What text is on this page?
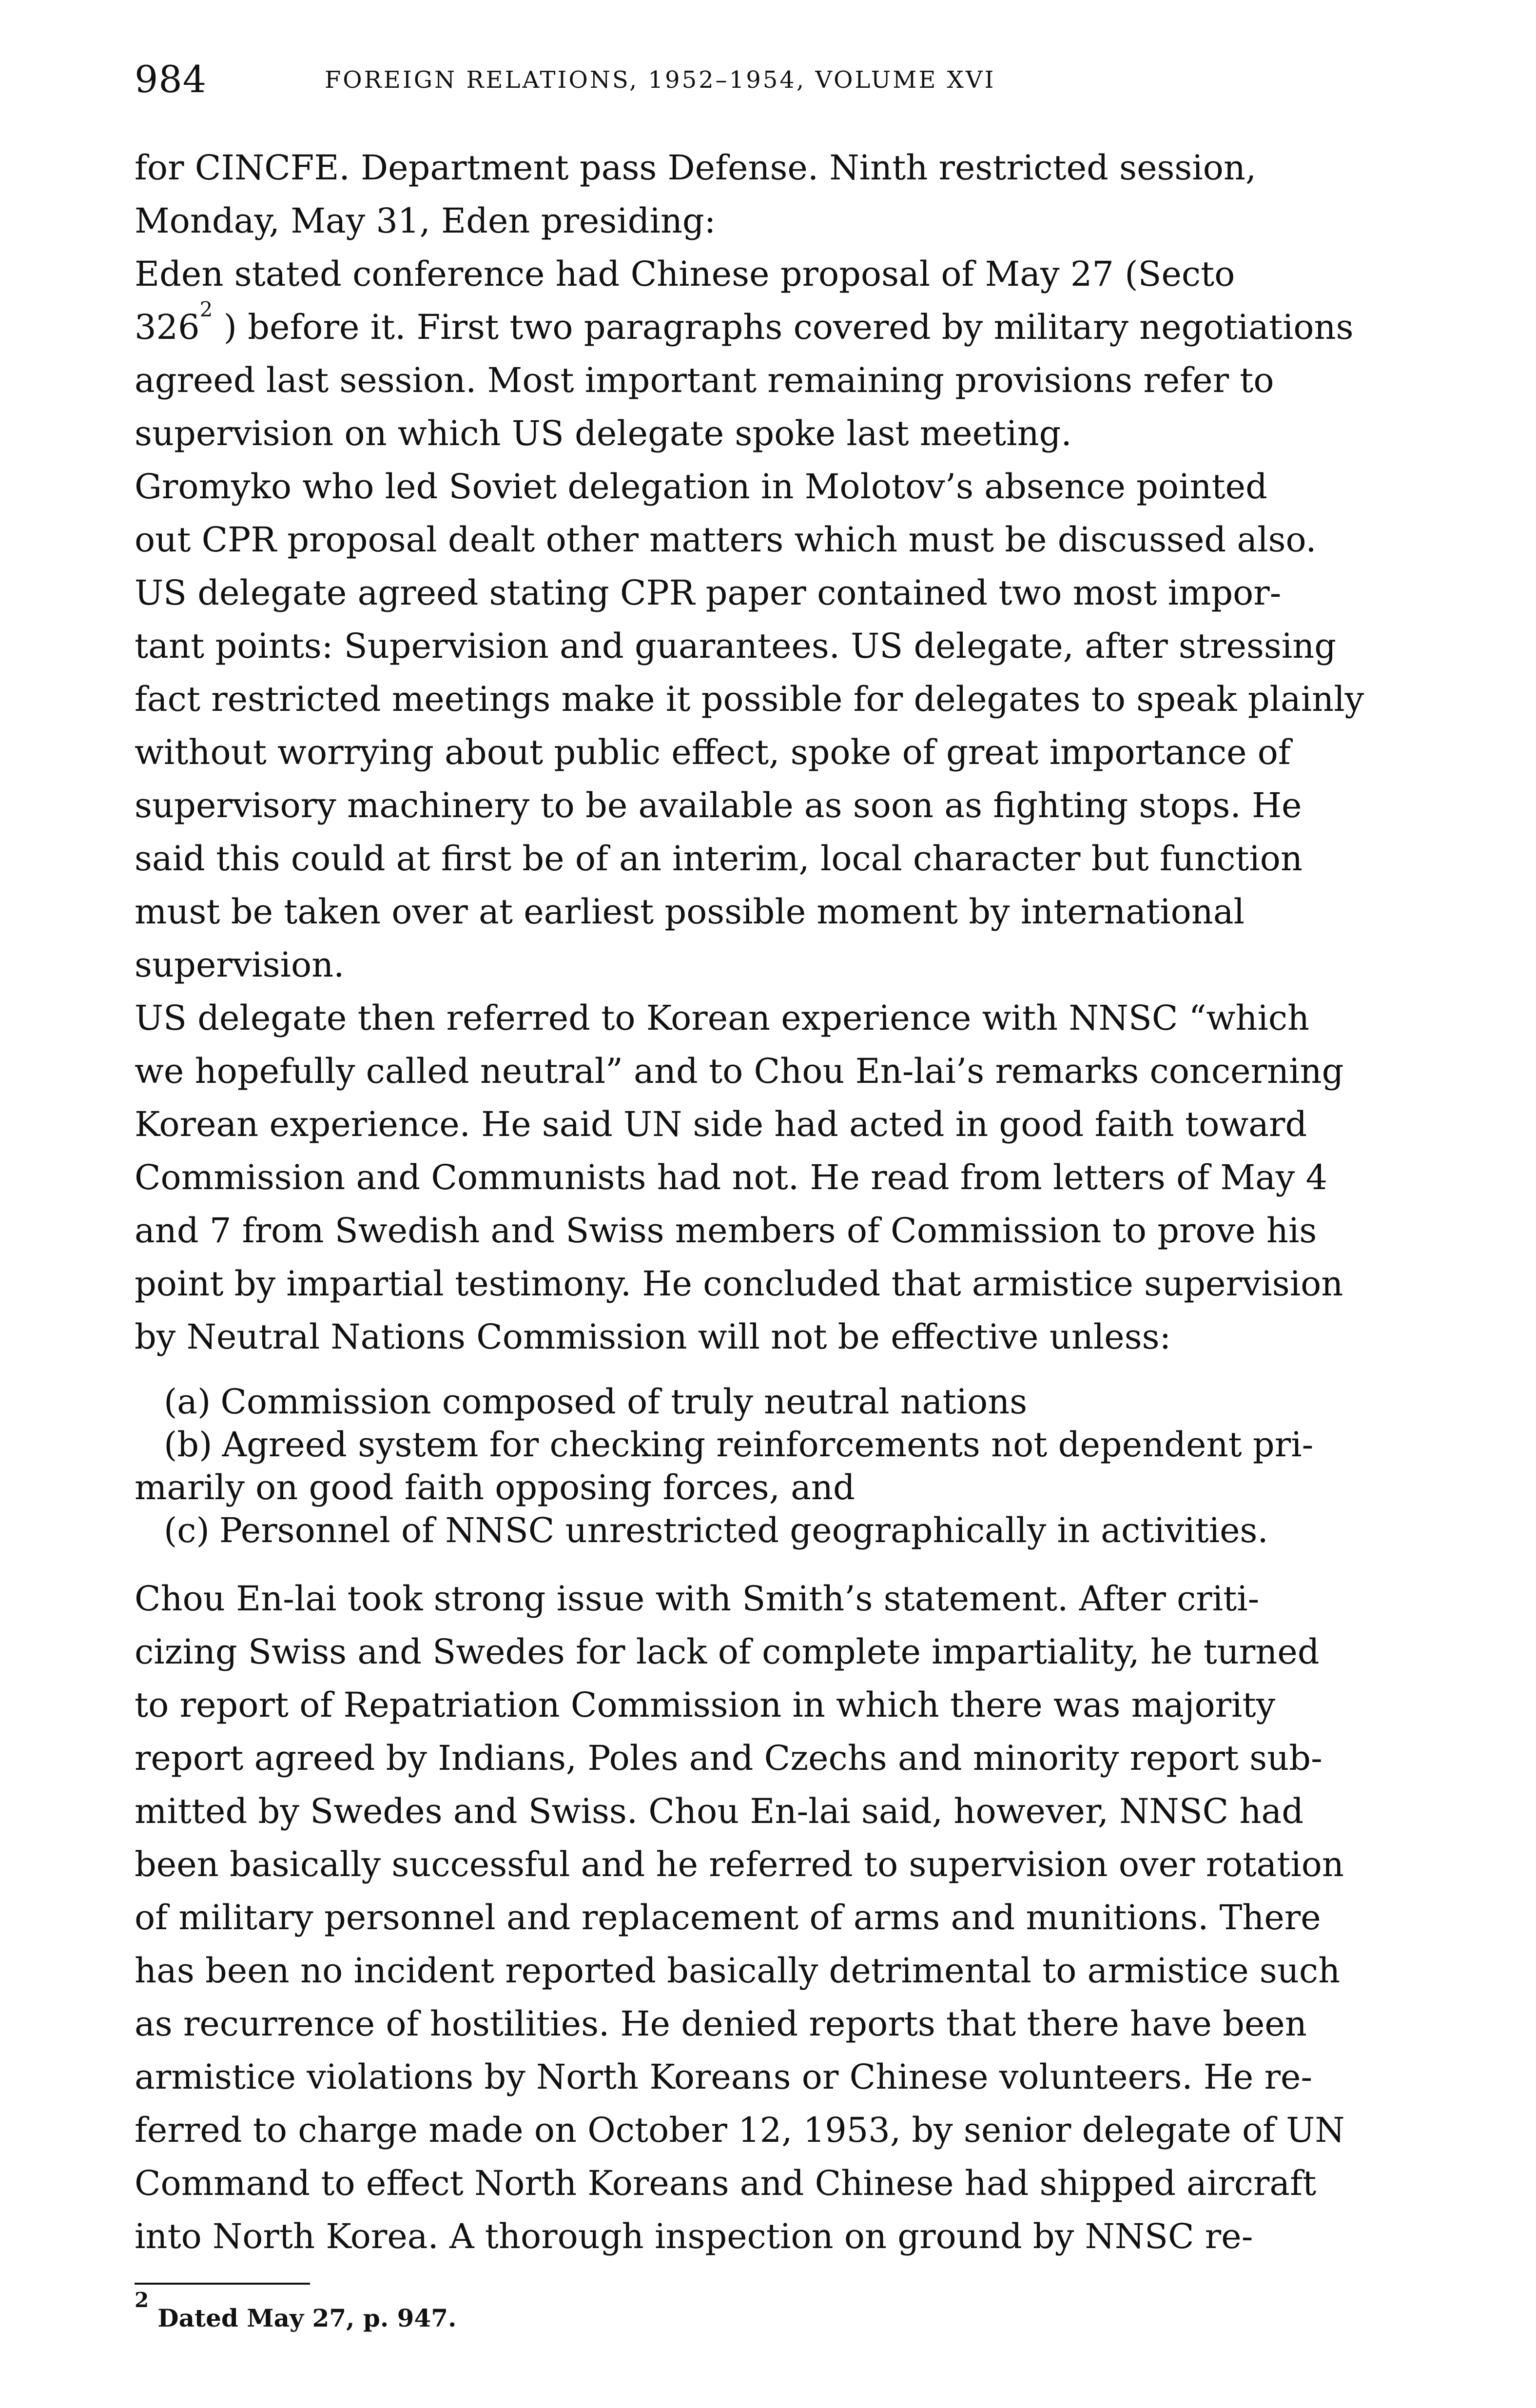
984	FOREIGN RELATIONS, 1952–1954, VOLUME XVI

for CINCFE. Department pass Defense. Ninth restricted session,
Monday, May 31, Eden presiding:

Eden stated conference had Chinese proposal of May 27 (Secto
$326^2$ ) before it. First two paragraphs covered by military negotiations
agreed last session. Most important remaining provisions refer to
supervision on which US delegate spoke last meeting.

Gromyko who led Soviet delegation in Molotov’s absence pointed
out CPR proposal dealt other matters which must be discussed also.

US delegate agreed stating CPR paper contained two most impor-
tant points: Supervision and guarantees. US delegate, after stressing
fact restricted meetings make it possible for delegates to speak plainly
without worrying about public effect, spoke of great importance of
supervisory machinery to be available as soon as fighting stops. He
said this could at first be of an interim, local character but function
must be taken over at earliest possible moment by international
supervision.

US delegate then referred to Korean experience with NNSC “which
we hopefully called neutral” and to Chou En-lai’s remarks concerning
Korean experience. He said UN side had acted in good faith toward
Commission and Communists had not. He read from letters of May 4
and 7 from Swedish and Swiss members of Commission to prove his
point by impartial testimony. He concluded that armistice supervision
by Neutral Nations Commission will not be effective unless:

(a) Commission composed of truly neutral nations

(b) Agreed system for checking reinforcements not dependent pri-

marily on good faith opposing forces, and

(c) Personnel of NNSC unrestricted geographically in activities.

Chou En-lai took strong issue with Smith’s statement. After criti-
cizing Swiss and Swedes for lack of complete impartiality, he turned
to report of Repatriation Commission in which there was majority
report agreed by Indians, Poles and Czechs and minority report sub-
mitted by Swedes and Swiss. Chou En-lai said, however, NNSC had
been basically successful and he referred to supervision over rotation
of military personnel and replacement of arms and munitions. There
has been no incident reported basically detrimental to armistice such
as recurrence of hostilities. He denied reports that there have been
armistice violations by North Koreans or Chinese volunteers. He re-
ferred to charge made on October 12, 1953, by senior delegate of UN
Command to effect North Koreans and Chinese had shipped aircraft
into North Korea. A thorough inspection on ground by NNSC re-

$^2$Dated May 27, p. 947.
